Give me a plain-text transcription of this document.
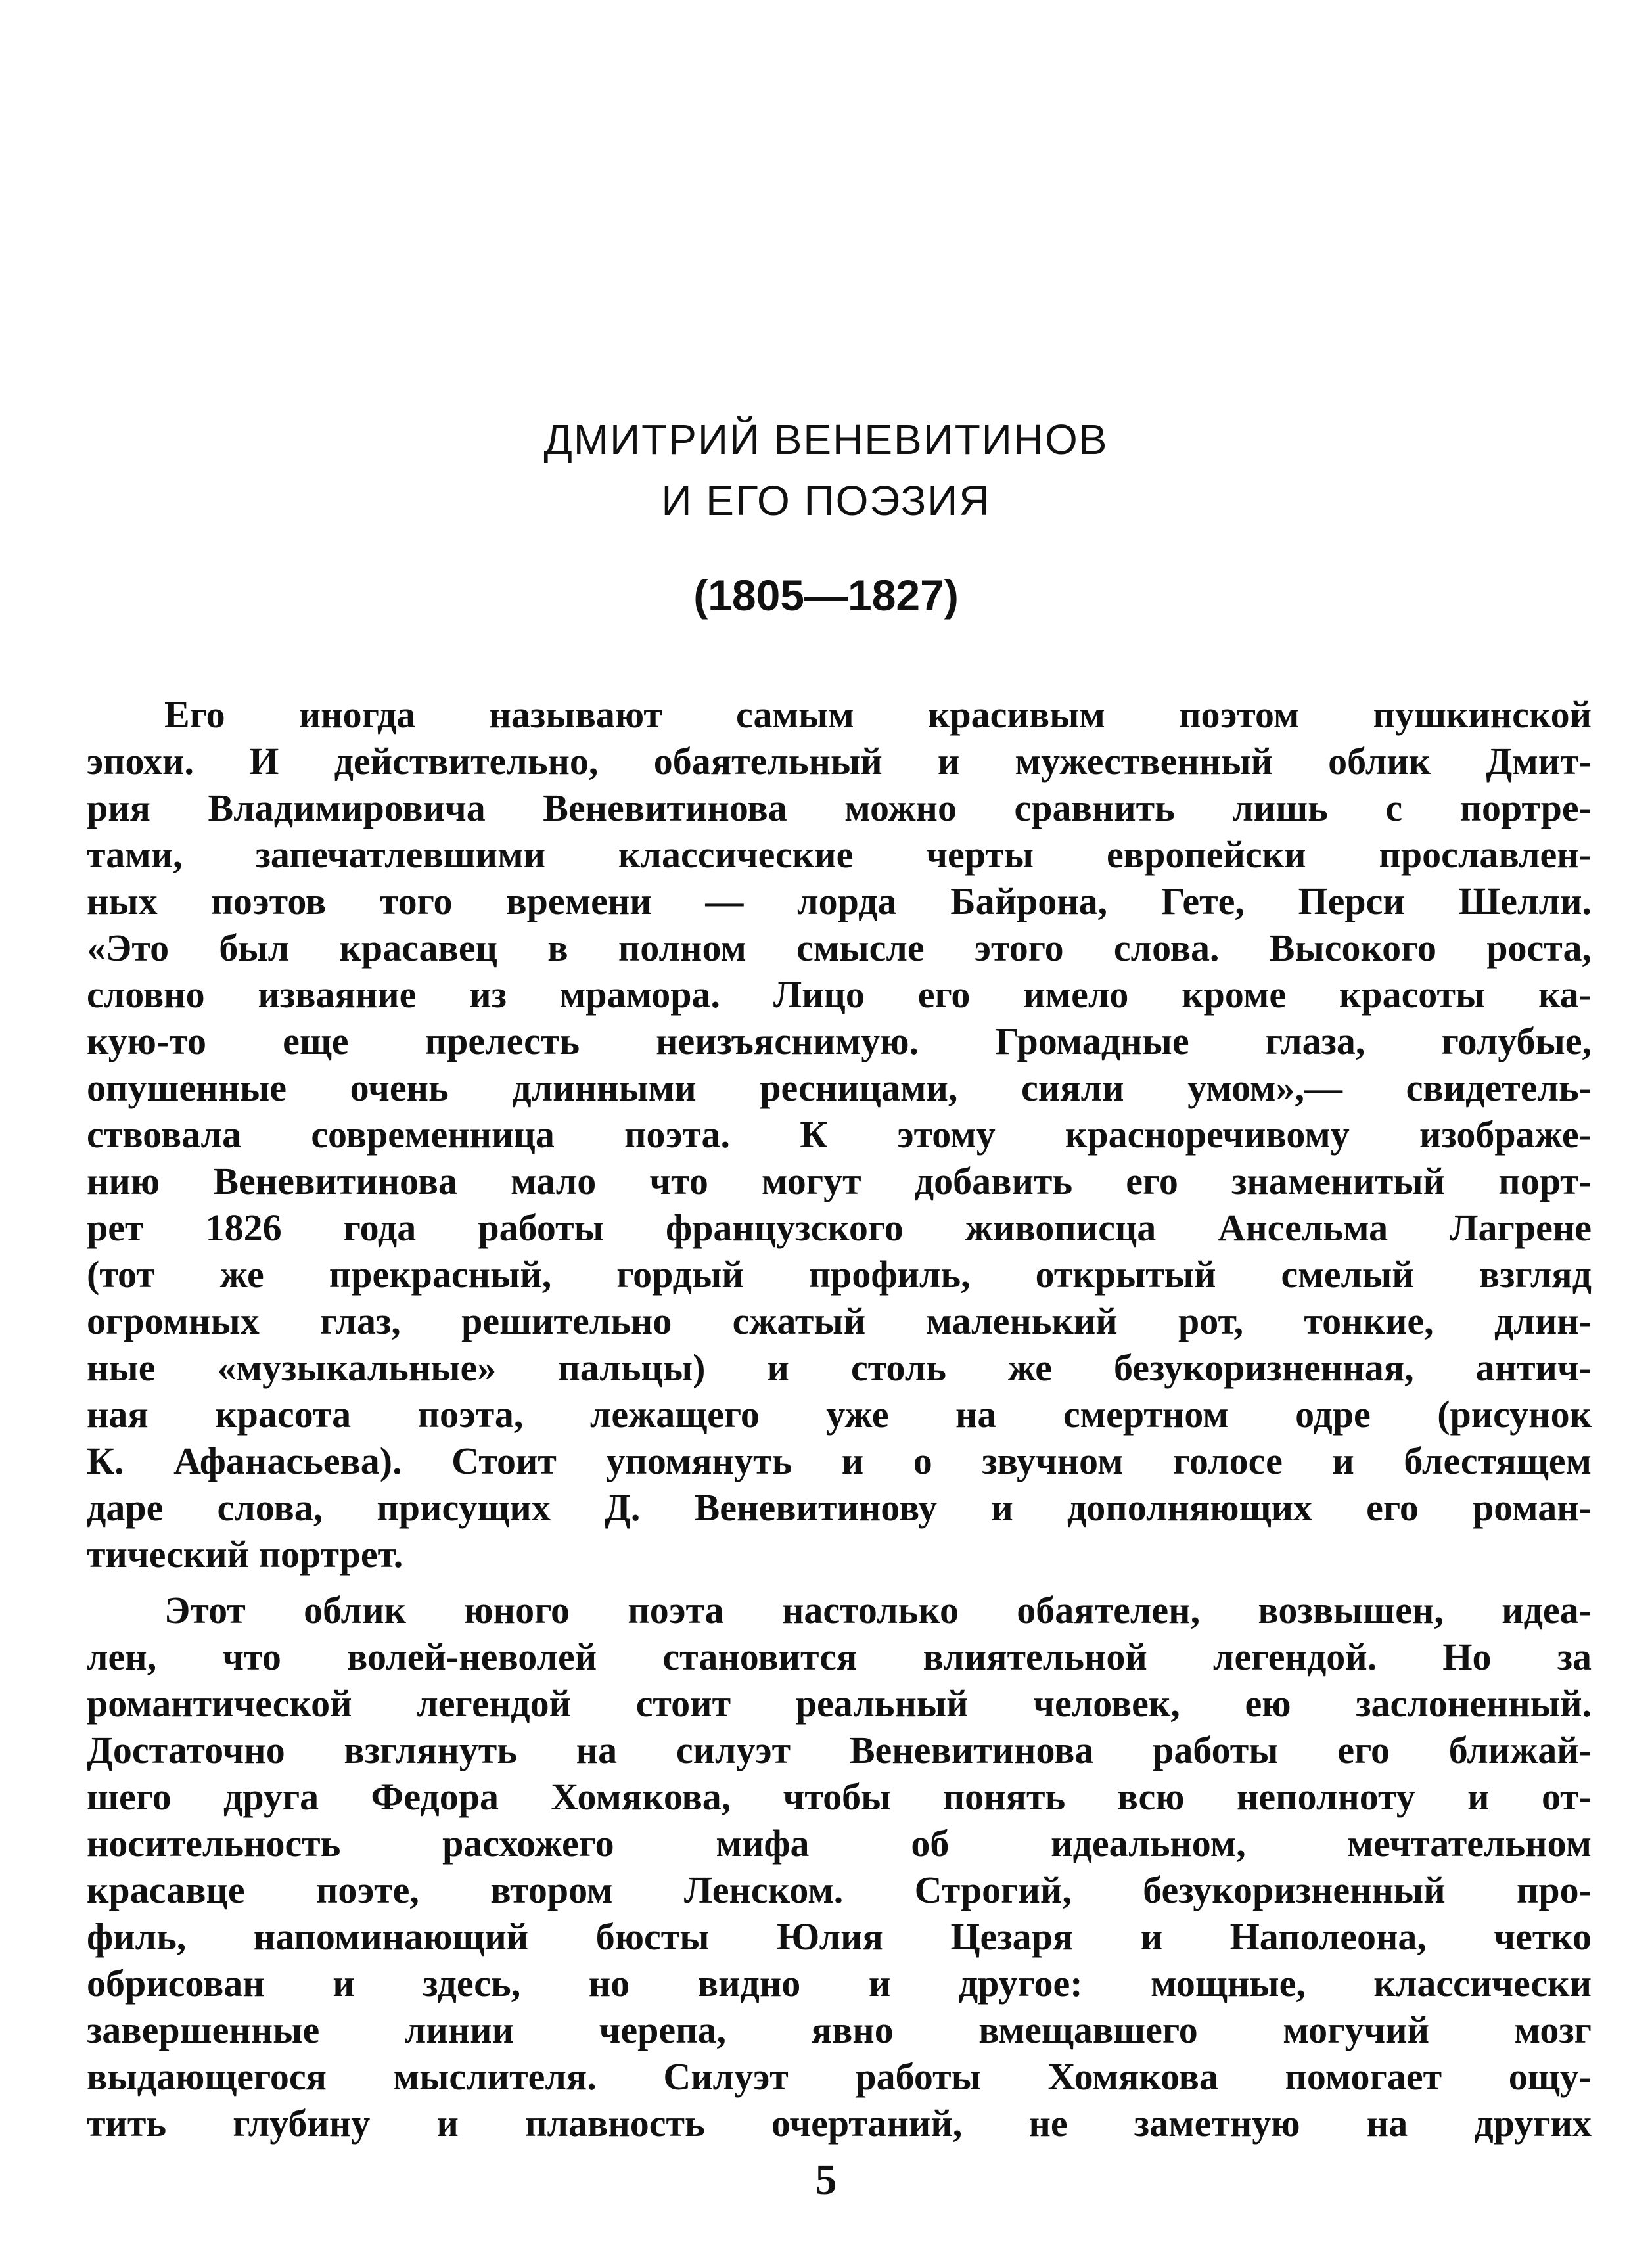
ДМИТРИЙ ВЕНЕВИТИНОВ
И ЕГО ПОЭЗИЯ

(1805—1827)

Его иногда называют самым красивым поэтом пушкинской
эпохи. И действительно, обаятельный и мужественный облик Дмит-
рия Владимировича Веневитинова можно сравнить лишь с портре-
тами, запечатлевшими классические черты европейски прославлен-
ных поэтов того времени — лорда Байрона, Гете, Перси Шелли.
«Это был красавец в полном смысле этого слова. Высокого роста,
словно изваяние из мрамора. Лицо его имело кроме красоты ка-
кую-то еще прелесть неизъяснимую. Громадные глаза, голубые,
опушенные очень длинными ресницами, сияли умом»,— свидетель-
ствовала современница поэта. К этому красноречивому изображе-
нию Веневитинова мало что могут добавить его знаменитый порт-
рет 1826 года работы французского живописца Ансельма Лагрене
(тот же прекрасный, гордый профиль, открытый смелый взгляд
огромных глаз, решительно сжатый маленький рот, тонкие, длин-
ные «музыкальные» пальцы) и столь же безукоризненная, антич-
ная красота поэта, лежащего уже на смертном одре (рисунок
К. Афанасьева). Стоит упомянуть и о звучном голосе и блестящем
даре слова, присущих Д. Веневитинову и дополняющих его роман-
тический портрет.
Этот облик юного поэта настолько обаятелен, возвышен, идеа-
лен, что волей-неволей становится влиятельной легендой. Но за
романтической легендой стоит реальный человек, ею заслоненный.
Достаточно взглянуть на силуэт Веневитинова работы его ближай-
шего друга Федора Хомякова, чтобы понять всю неполноту и от-
носительность расхожего мифа об идеальном, мечтательном
красавце поэте, втором Ленском. Строгий, безукоризненный про-
филь, напоминающий бюсты Юлия Цезаря и Наполеона, четко
обрисован и здесь, но видно и другое: мощные, классически
завершенные линии черепа, явно вмещавшего могучий мозг
выдающегося мыслителя. Силуэт работы Хомякова помогает ощу-
тить глубину и плавность очертаний, не заметную на других

5
